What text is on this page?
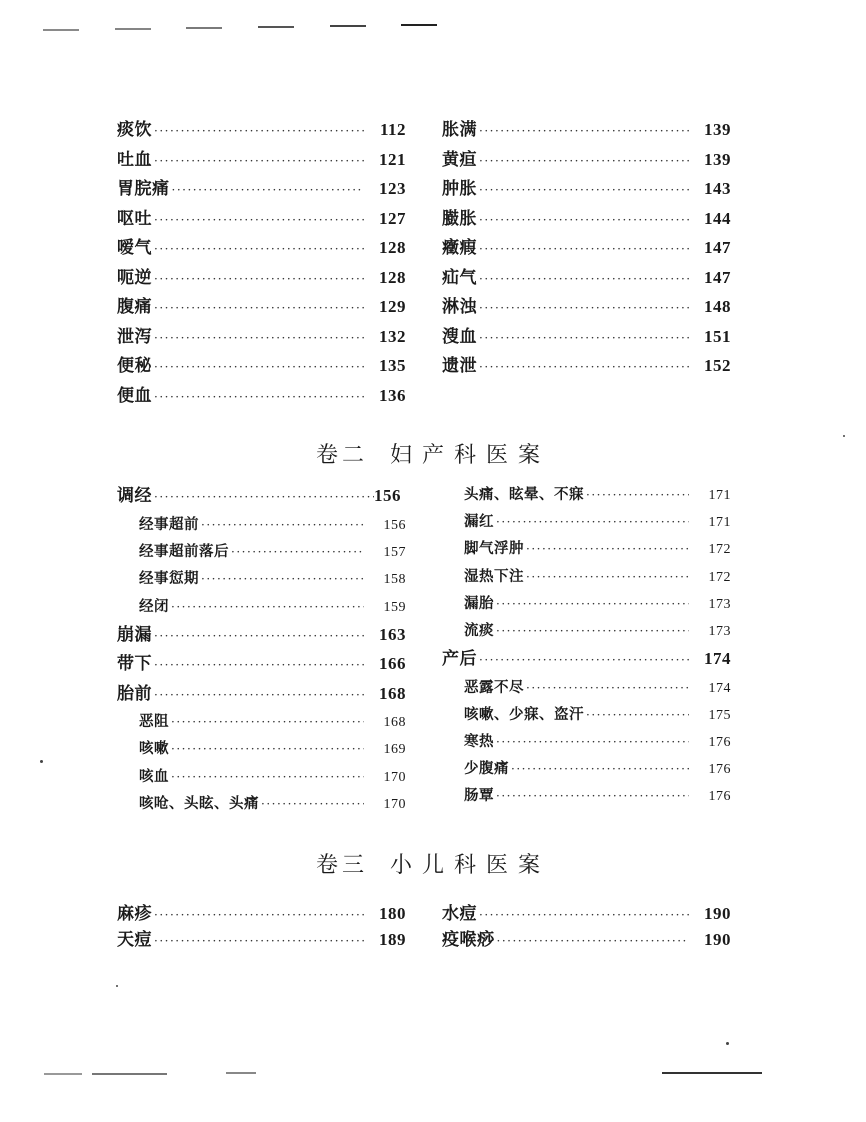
痰饮 ·····	112
吐血 ·····	121
胃脘痛 ·····	123
呕吐 ·····	127
嗳气 ·····	128
呃逆 ·····	128
腹痛 ·····	129
泄泻 ·····	132
便秘 ·····	135
便血 ·····	136
胀满 ·····	139
黄疸 ·····	139
肿胀 ·····	143
臌胀 ·····	144
癥瘕 ·····	147
疝气 ·····	147
淋浊 ·····	148
溲血 ·····	151
遗泄 ·····	152
卷二 妇产科医案
调经 ·····	156
经事超前 ·····	156
经事超前落后 ·····	157
经事愆期 ·····	158
经闭 ·····	159
崩漏 ·····	163
带下 ·····	166
胎前 ·····	168
恶阻 ·····	168
咳嗽 ·····	169
咳血 ·····	170
咳呛、头眩、头痛 ·····	170
头痛、眩晕、不寐 ·····	171
漏红 ·····	171
脚气浮肿 ·····	172
湿热下注 ·····	172
漏胎 ·····	173
流痰 ·····	173
产后 ·····	174
恶露不尽 ·····	174
咳嗽、少寐、盗汗 ·····	175
寒热 ·····	176
少腹痛 ·····	176
肠覃 ·····	176
卷三 小儿科医案
麻疹 ·····	180
天痘 ·····	189
水痘 ·····	190
疫喉痧 ·····	190
